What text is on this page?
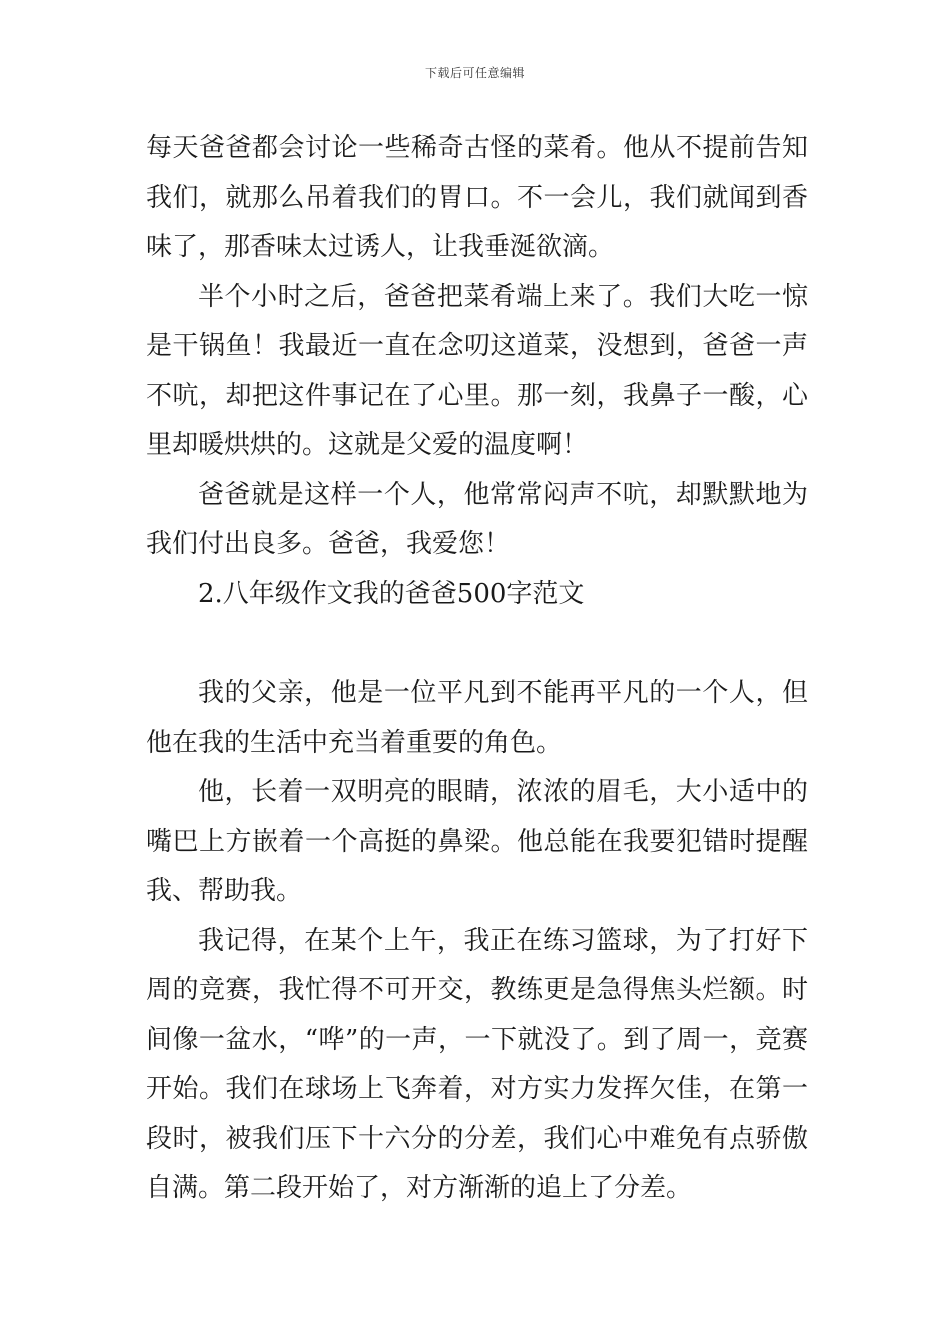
下载后可任意编辑

每天爸爸都会讨论一些稀奇古怪的菜肴。他从不提前告知我们，就那么吊着我们的胃口。不一会儿，我们就闻到香味了，那香味太过诱人，让我垂涎欲滴。

半个小时之后，爸爸把菜肴端上来了。我们大吃一惊是干锅鱼！我最近一直在念叨这道菜，没想到，爸爸一声不吭，却把这件事记在了心里。那一刻，我鼻子一酸，心里却暖烘烘的。这就是父爱的温度啊！

爸爸就是这样一个人，他常常闷声不吭，却默默地为我们付出良多。爸爸，我爱您！

2.八年级作文我的爸爸500字范文

我的父亲，他是一位平凡到不能再平凡的一个人，但他在我的生活中充当着重要的角色。

他，长着一双明亮的眼睛，浓浓的眉毛，大小适中的嘴巴上方嵌着一个高挺的鼻梁。他总能在我要犯错时提醒我、帮助我。

我记得，在某个上午，我正在练习篮球，为了打好下周的竞赛，我忙得不可开交，教练更是急得焦头烂额。时间像一盆水，“哗”的一声，一下就没了。到了周一，竞赛开始。我们在球场上飞奔着，对方实力发挥欠佳，在第一段时，被我们压下十六分的分差，我们心中难免有点骄傲自满。第二段开始了，对方渐渐的追上了分差。
